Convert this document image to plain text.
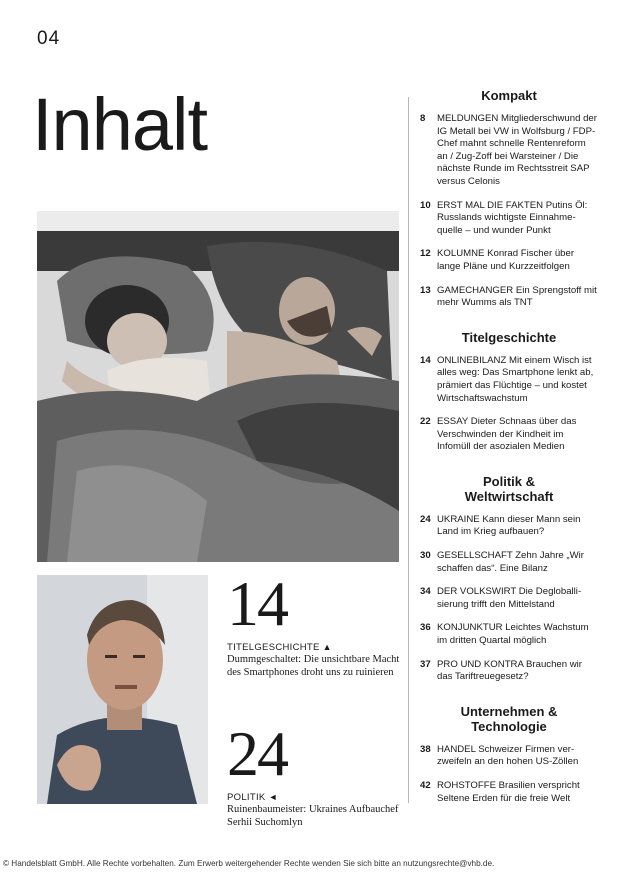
04
Inhalt
14
TITELGESCHICHTE ▲
Dummgeschaltet: Die unsichtbare Macht des Smartphones droht uns zu ruinieren
24
POLITIK ◄
Ruinenbaumeister: Ukraines Aufbauchef Serhii Suchomlyn
Kompakt
8 MELDUNGEN Mitgliederschwund der IG Metall bei VW in Wolfsburg / FDP-Chef mahnt schnelle Rentenreform an / Zug-Zoff bei Warsteiner / Die nächste Runde im Rechtsstreit SAP versus Celonis
10 ERST MAL DIE FAKTEN Putins Öl: Russlands wichtigste Einnahmequelle – und wunder Punkt
12 KOLUMNE Konrad Fischer über lange Pläne und Kurzzeitfolgen
13 GAMECHANGER Ein Sprengstoff mit mehr Wumms als TNT
Titelgeschichte
14 ONLINEBILANZ Mit einem Wisch ist alles weg: Das Smartphone lenkt ab, prämiert das Flüchtige – und kostet Wirtschaftswachstum
22 ESSAY Dieter Schnaas über das Verschwinden der Kindheit im Infomüll der asozialen Medien
Politik & Weltwirtschaft
24 UKRAINE Kann dieser Mann sein Land im Krieg aufbauen?
30 GESELLSCHAFT Zehn Jahre „Wir schaffen das“. Eine Bilanz
34 DER VOLKSWIRT Die Degloballisierung trifft den Mittelstand
36 KONJUNKTUR Leichtes Wachstum im dritten Quartal möglich
37 PRO UND KONTRA Brauchen wir das Tariftreuegesetz?
Unternehmen & Technologie
38 HANDEL Schweizer Firmen verzweifeln an den hohen US-Zöllen
42 ROHSTOFFE Brasilien verspricht Seltene Erden für die freie Welt
© Handelsblatt GmbH. Alle Rechte vorbehalten. Zum Erwerb weitergehender Rechte wenden Sie sich bitte an nutzungsrechte@vhb.de.
